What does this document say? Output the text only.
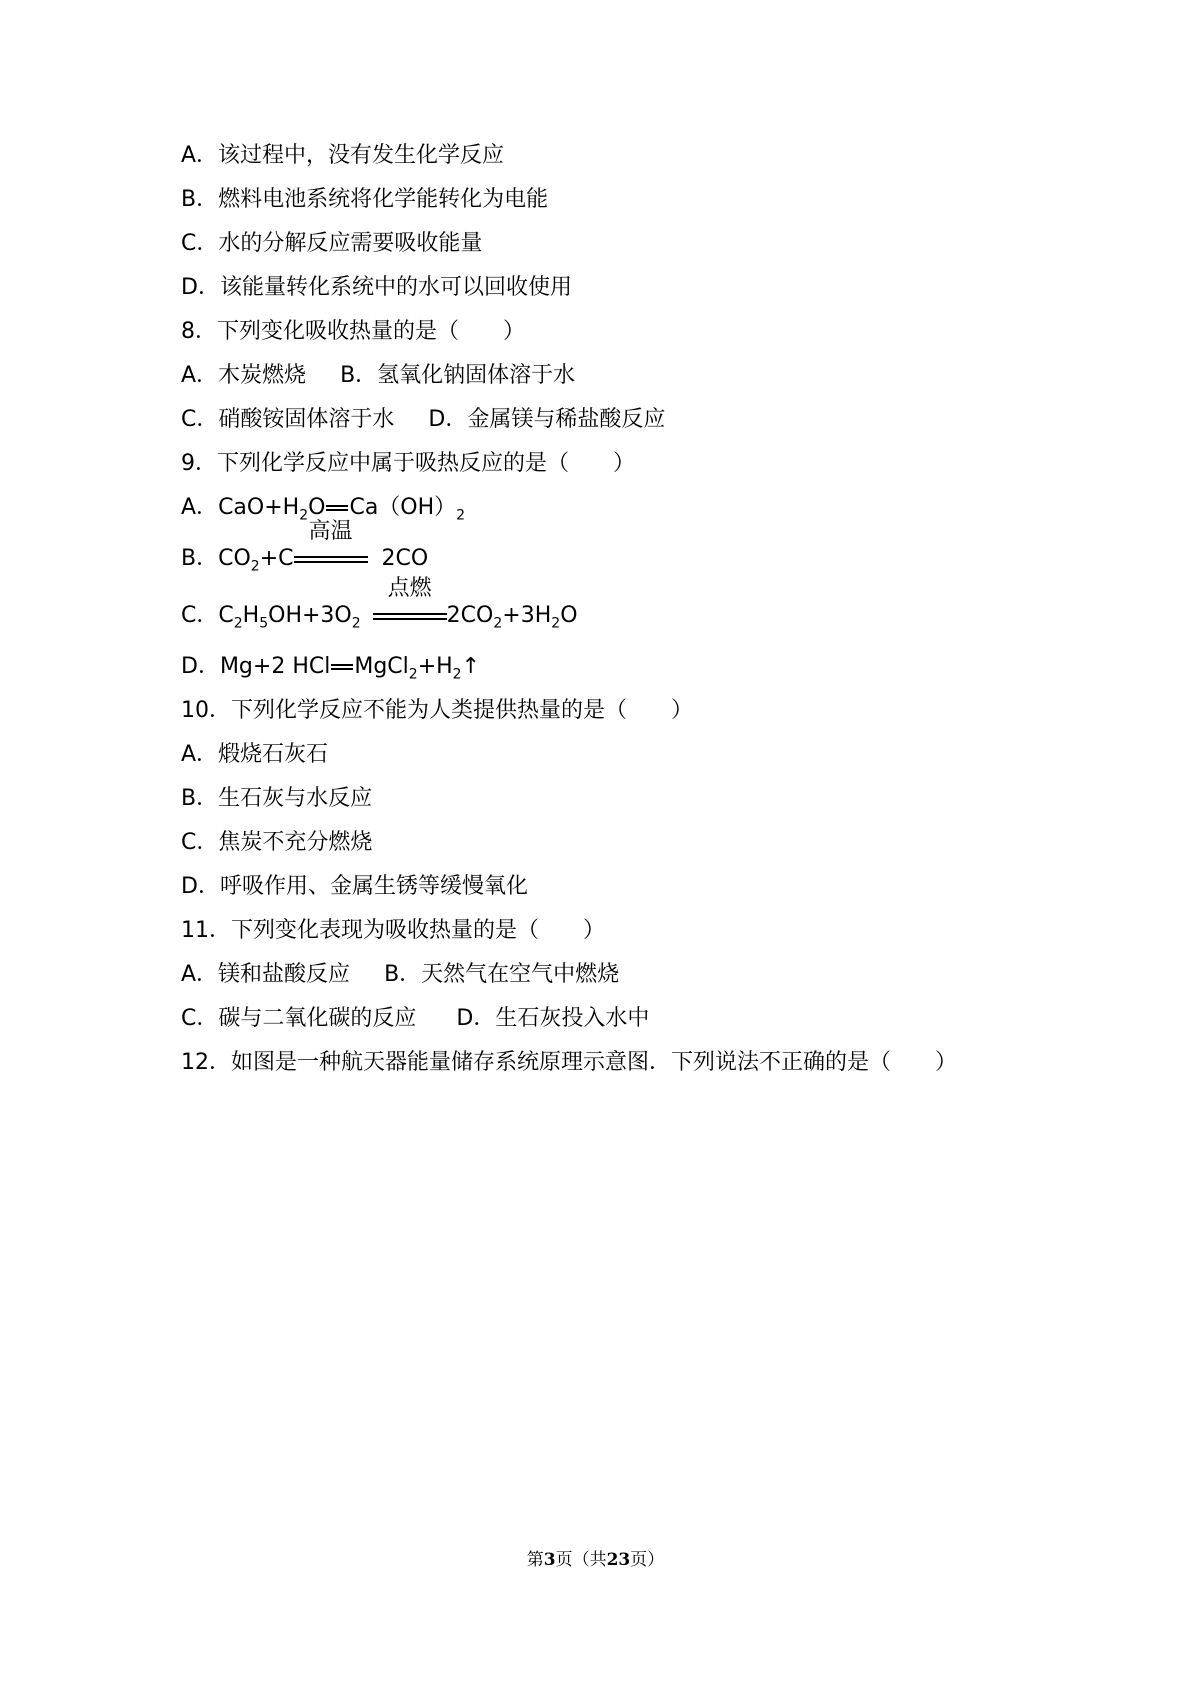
A．该过程中，没有发生化学反应
B．燃料电池系统将化学能转化为电能
C．水的分解反应需要吸收能量
D．该能量转化系统中的水可以回收使用
8．下列变化吸收热量的是（　　）
A．木炭燃烧 B．氢氧化钠固体溶于水
C．硝酸铵固体溶于水 D．金属镁与稀盐酸反应
9．下列化学反应中属于吸热反应的是（　　）
A．$CaO+H_2O$ $Ca(OH)_2$
B．$CO_2+C$
高温
2CO
C．$C_2H_5OH+3O_2$
点燃
$2CO_2+3H_2O$
D．Mg+2 HCl $MgCl_2+H_2↑$
10．下列化学反应不能为人类提供热量的是（　　）
A．煅烧石灰石
B．生石灰与水反应
C．焦炭不充分燃烧
D．呼吸作用、金属生锈等缓慢氧化
11．下列变化表现为吸收热量的是（　　）
A．镁和盐酸反应 B．天然气在空气中燃烧
C．碳与二氧化碳的反应 D．生石灰投入水中
12．如图是一种航天器能量储存系统原理示意图．下列说法不正确的是（　　）
第3页（共23页）
